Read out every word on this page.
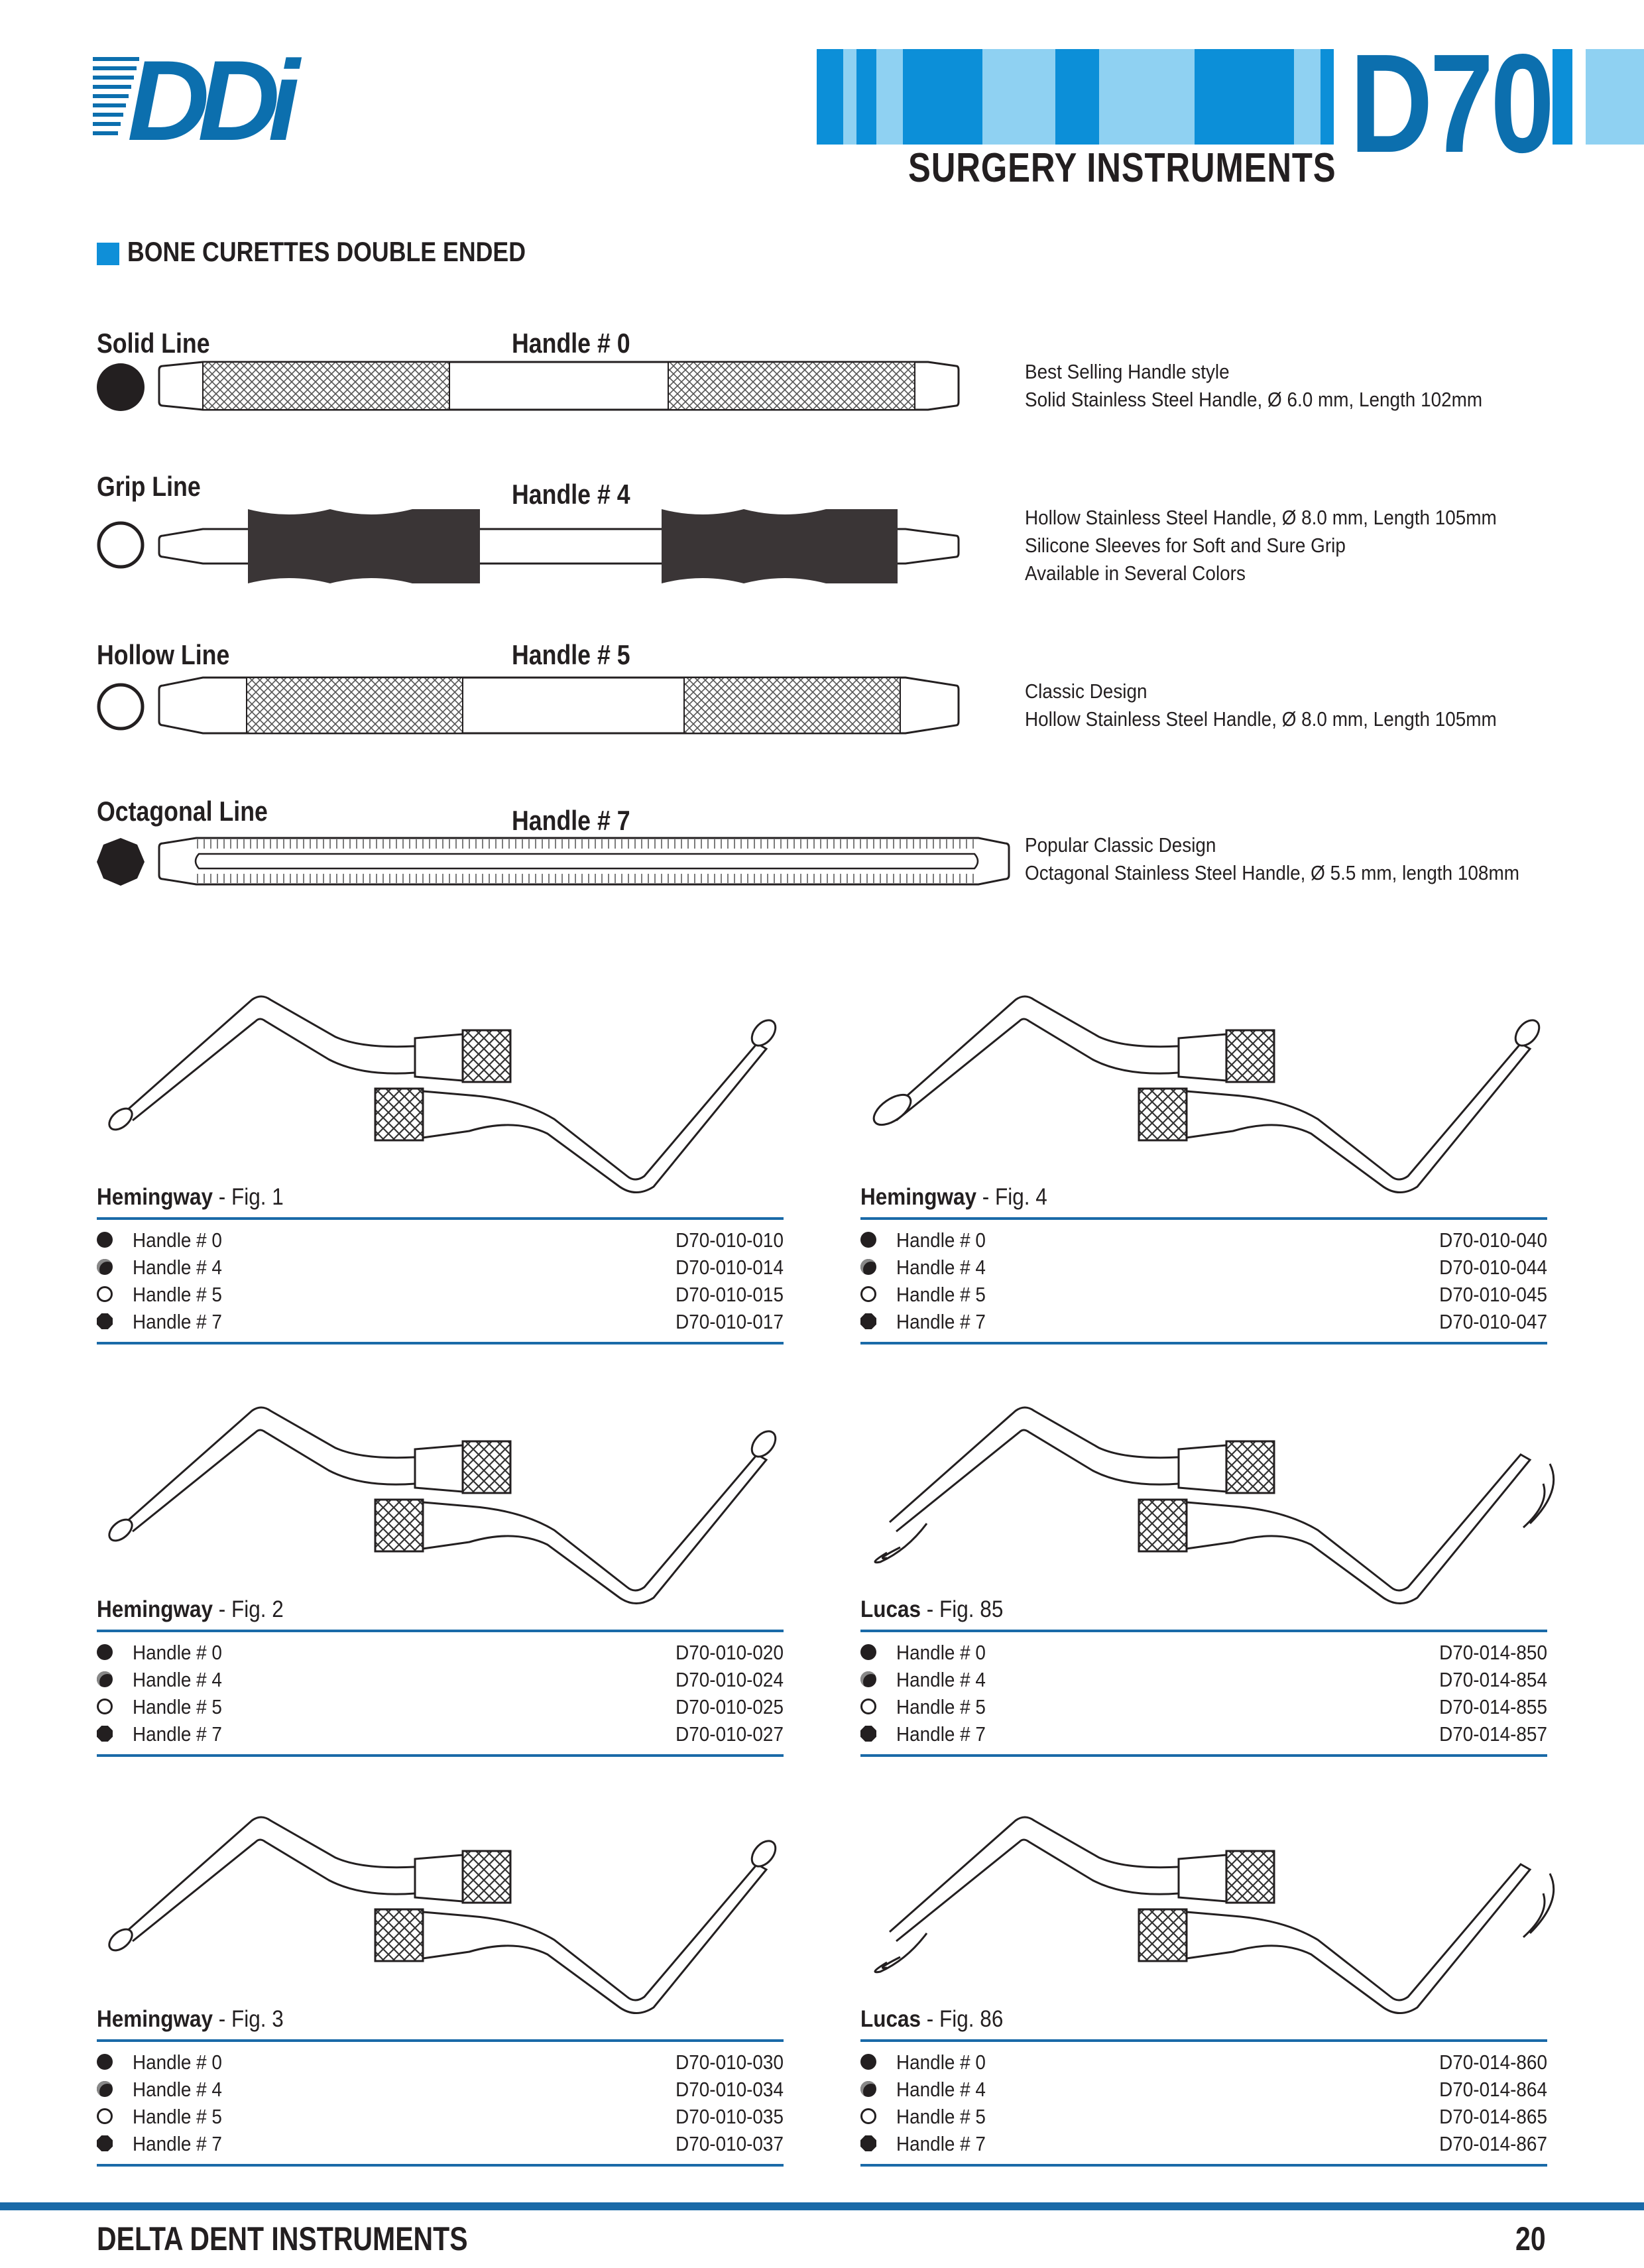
DDi	D70
SURGERY INSTRUMENTS
BONE CURETTES DOUBLE ENDED
Solid Line	Handle # 0
Best Selling Handle style
Solid Stainless Steel Handle, Ø 6.0 mm, Length 102mm
Grip Line	Handle # 4
Hollow Stainless Steel Handle, Ø 8.0 mm, Length 105mm
Silicone Sleeves for Soft and Sure Grip
Available in Several Colors
Hollow Line	Handle # 5
Classic Design
Hollow Stainless Steel Handle, Ø 8.0 mm, Length 105mm
Octagonal Line	Handle # 7
Popular Classic Design
Octagonal Stainless Steel Handle, Ø 5.5 mm, length 108mm
Hemingway - Fig. 1
Handle # 0	D70-010-010
Handle # 4	D70-010-014
Handle # 5	D70-010-015
Handle # 7	D70-010-017
Hemingway - Fig. 4
Handle # 0	D70-010-040
Handle # 4	D70-010-044
Handle # 5	D70-010-045
Handle # 7	D70-010-047
Hemingway - Fig. 2
Handle # 0	D70-010-020
Handle # 4	D70-010-024
Handle # 5	D70-010-025
Handle # 7	D70-010-027
Lucas - Fig. 85
Handle # 0	D70-014-850
Handle # 4	D70-014-854
Handle # 5	D70-014-855
Handle # 7	D70-014-857
Hemingway - Fig. 3
Handle # 0	D70-010-030
Handle # 4	D70-010-034
Handle # 5	D70-010-035
Handle # 7	D70-010-037
Lucas - Fig. 86
Handle # 0	D70-014-860
Handle # 4	D70-014-864
Handle # 5	D70-014-865
Handle # 7	D70-014-867
DELTA DENT INSTRUMENTS	20
